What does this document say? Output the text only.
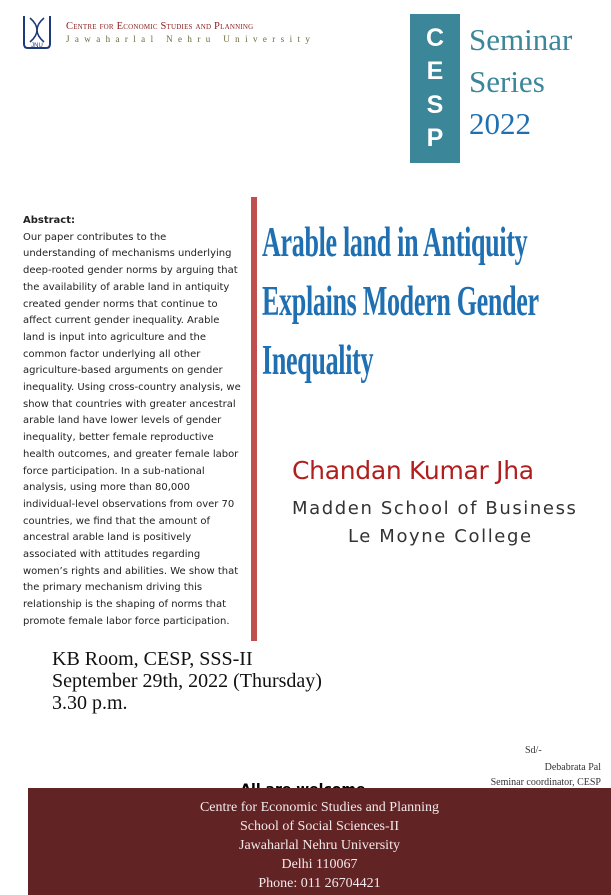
JNU
Centre for Economic Studies and Planning
Jawaharlal Nehru University	C
E
S
P
Seminar
Series
2022
Abstract:
Our paper contributes to the understanding of mechanisms underlying deep-rooted gender norms by arguing that the availability of arable land in antiquity created gender norms that continue to affect current gender inequality. Arable land is input into agriculture and the common factor underlying all other agriculture-based arguments on gender inequality. Using cross-country analysis, we show that countries with greater ancestral arable land have lower levels of gender inequality, better female reproductive health outcomes, and greater female labor force participation. In a sub-national analysis, using more than 80,000 individual-level observations from over 70 countries, we find that the amount of ancestral arable land is positively associated with attitudes regarding women’s rights and abilities. We show that the primary mechanism driving this relationship is the shaping of norms that promote female labor force participation.
Arable land in Antiquity
Explains Modern Gender
Inequality
Chandan Kumar Jha
Madden School of Business
Le Moyne College
KB Room, CESP, SSS-II
September 29th, 2022 (Thursday)
3.30 p.m.
Sd/-
Debabrata Pal
Seminar coordinator, CESP
Centre for Economic Studies and Planning
School of Social Sciences-II
Jawaharlal Nehru University
Delhi 110067
Phone: 011 26704421
